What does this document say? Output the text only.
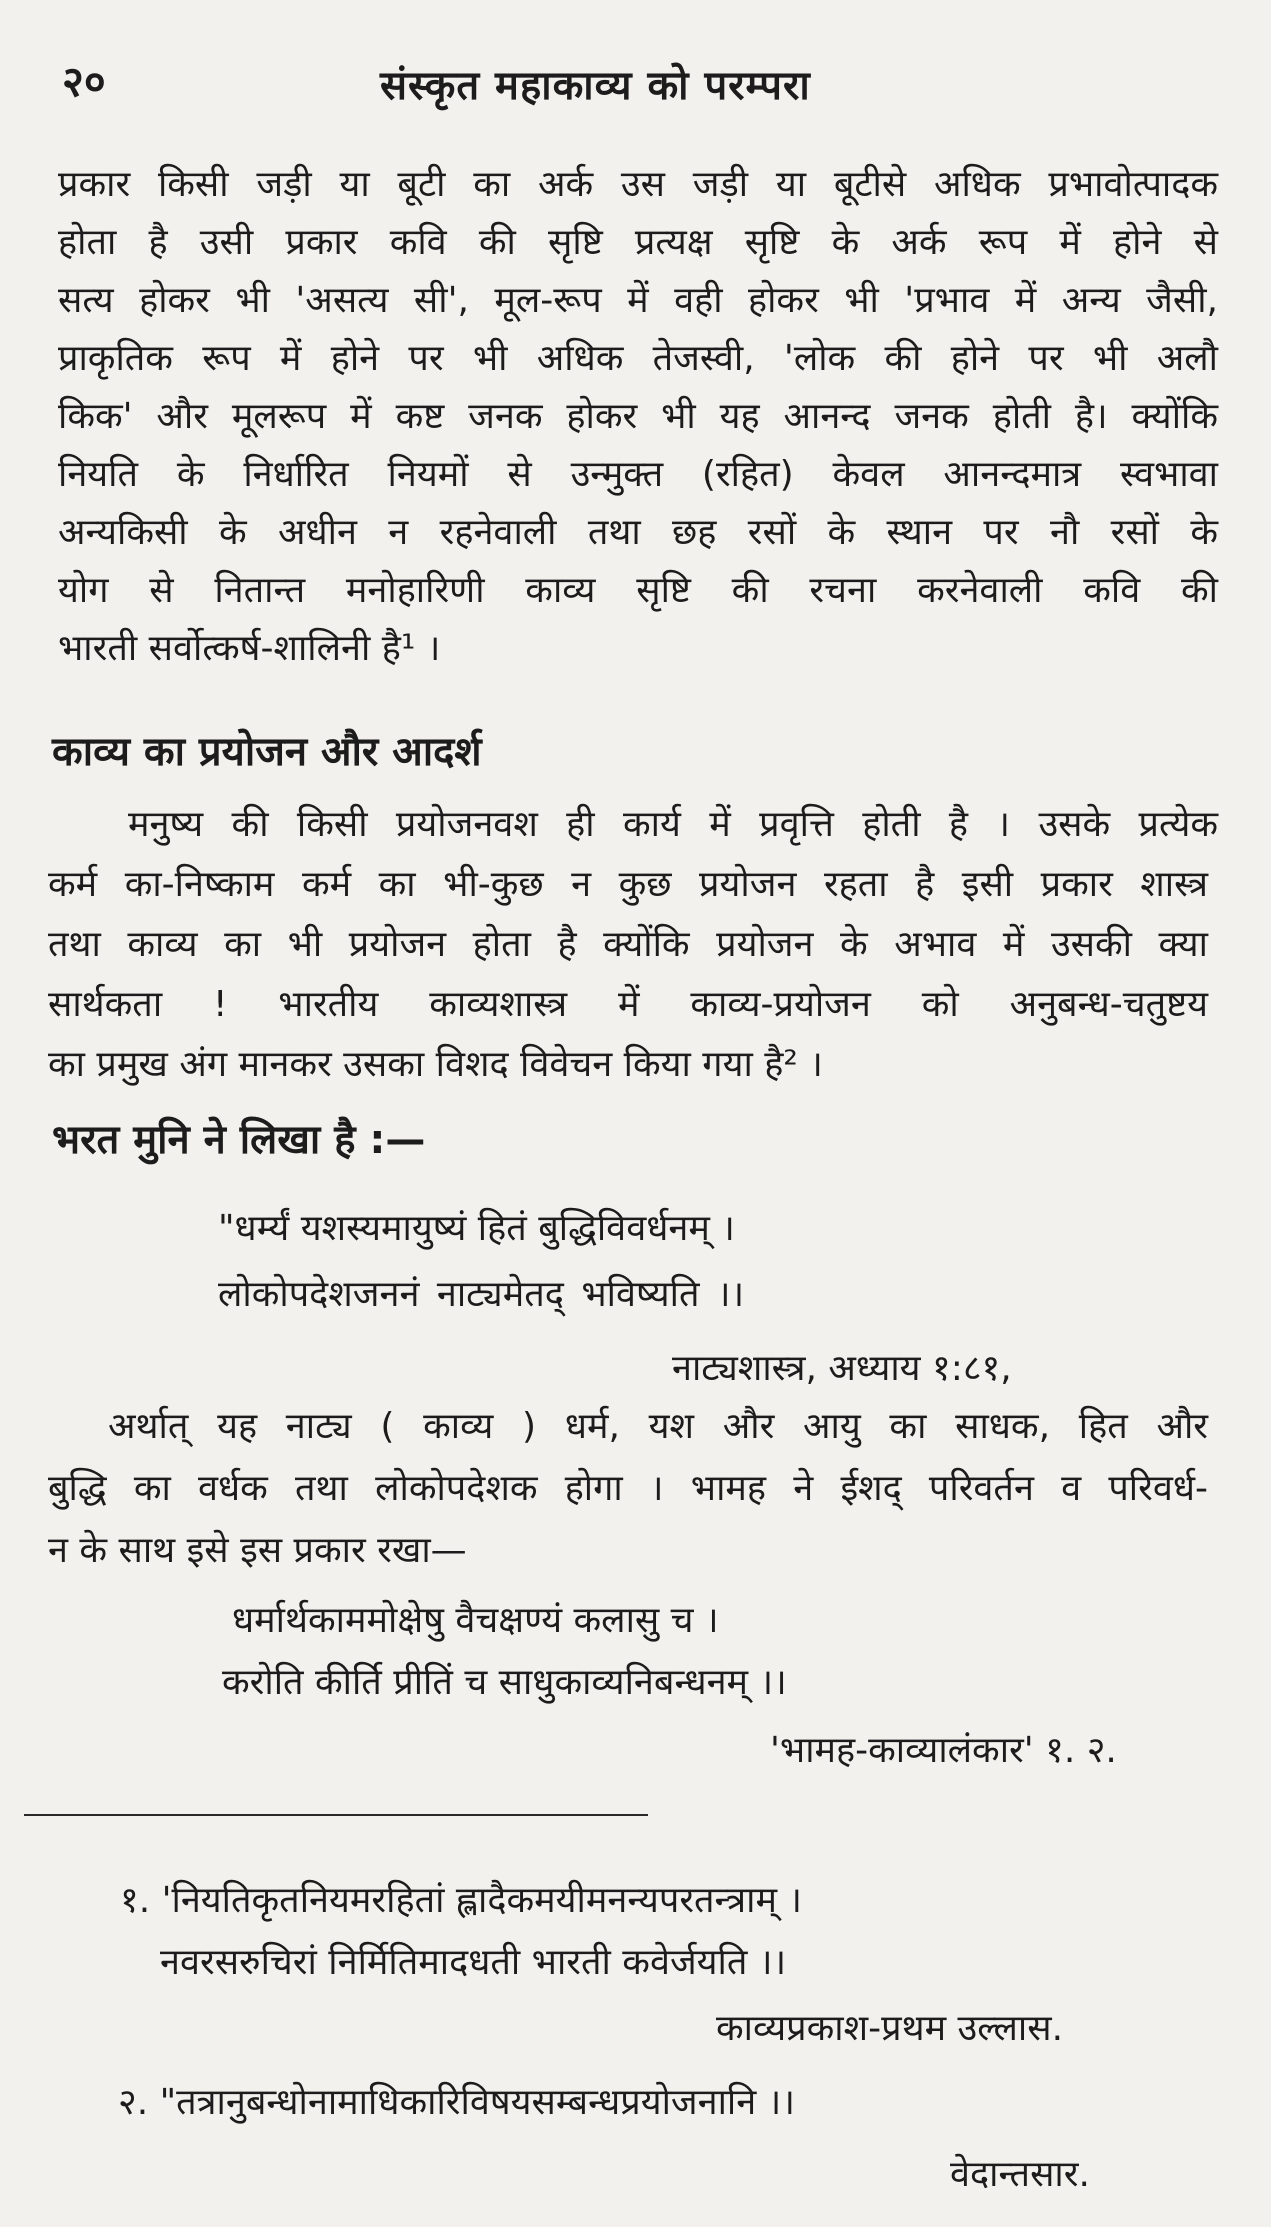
२०	संस्कृत महाकाव्य को परम्परा
प्रकार किसी जड़ी या बूटी का अर्क उस जड़ी या बूटीसे अधिक प्रभावोत्पादक
होता है उसी प्रकार कवि की सृष्टि प्रत्यक्ष सृष्टि के अर्क रूप में होने से
सत्य होकर भी 'असत्य सी', मूल-रूप में वही होकर भी 'प्रभाव में अन्य जैसी,
प्राकृतिक रूप में होने पर भी अधिक तेजस्वी, 'लोक की होने पर भी अलौ
किक' और मूलरूप में कष्ट जनक होकर भी यह आनन्द जनक होती है। क्योंकि
नियति के निर्धारित नियमों से उन्मुक्त (रहित) केवल आनन्दमात्र स्वभावा
अन्यकिसी के अधीन न रहनेवाली तथा छह रसों के स्थान पर नौ रसों के
योग से नितान्त मनोहारिणी काव्य सृष्टि की रचना करनेवाली कवि की
भारती सर्वोत्कर्ष-शालिनी है¹ ।
काव्य का प्रयोजन और आदर्श
मनुष्य की किसी प्रयोजनवश ही कार्य में प्रवृत्ति होती है । उसके प्रत्येक
कर्म का-निष्काम कर्म का भी-कुछ न कुछ प्रयोजन रहता है इसी प्रकार शास्त्र
तथा काव्य का भी प्रयोजन होता है क्योंकि प्रयोजन के अभाव में उसकी क्या
सार्थकता ! भारतीय काव्यशास्त्र में काव्य-प्रयोजन को अनुबन्ध-चतुष्टय
का प्रमुख अंग मानकर उसका विशद विवेचन किया गया है² ।
भरत मुनि ने लिखा है :—
"धर्म्यं यशस्यमायुष्यं हितं बुद्धिविवर्धनम् ।
लोकोपदेशजननं नाट्यमेतद् भविष्यति ।।
नाट्यशास्त्र, अध्याय १:८१,
अर्थात् यह नाट्य ( काव्य ) धर्म, यश और आयु का साधक, हित और
बुद्धि का वर्धक तथा लोकोपदेशक होगा । भामह ने ईशद् परिवर्तन व परिवर्ध-
न के साथ इसे इस प्रकार रखा—
धर्मार्थकाममोक्षेषु वैचक्षण्यं कलासु च ।
करोति कीर्ति प्रीतिं च साधुकाव्यनिबन्धनम् ।।
'भामह-काव्यालंकार' १. २.
१. 'नियतिकृतनियमरहितां ह्लादैकमयीमनन्यपरतन्त्राम् ।
नवरसरुचिरां निर्मितिमादधती भारती कवेर्जयति ।।
काव्यप्रकाश-प्रथम उल्लास.
२. "तत्रानुबन्धोनामाधिकारिविषयसम्बन्धप्रयोजनानि ।।
वेदान्तसार.
